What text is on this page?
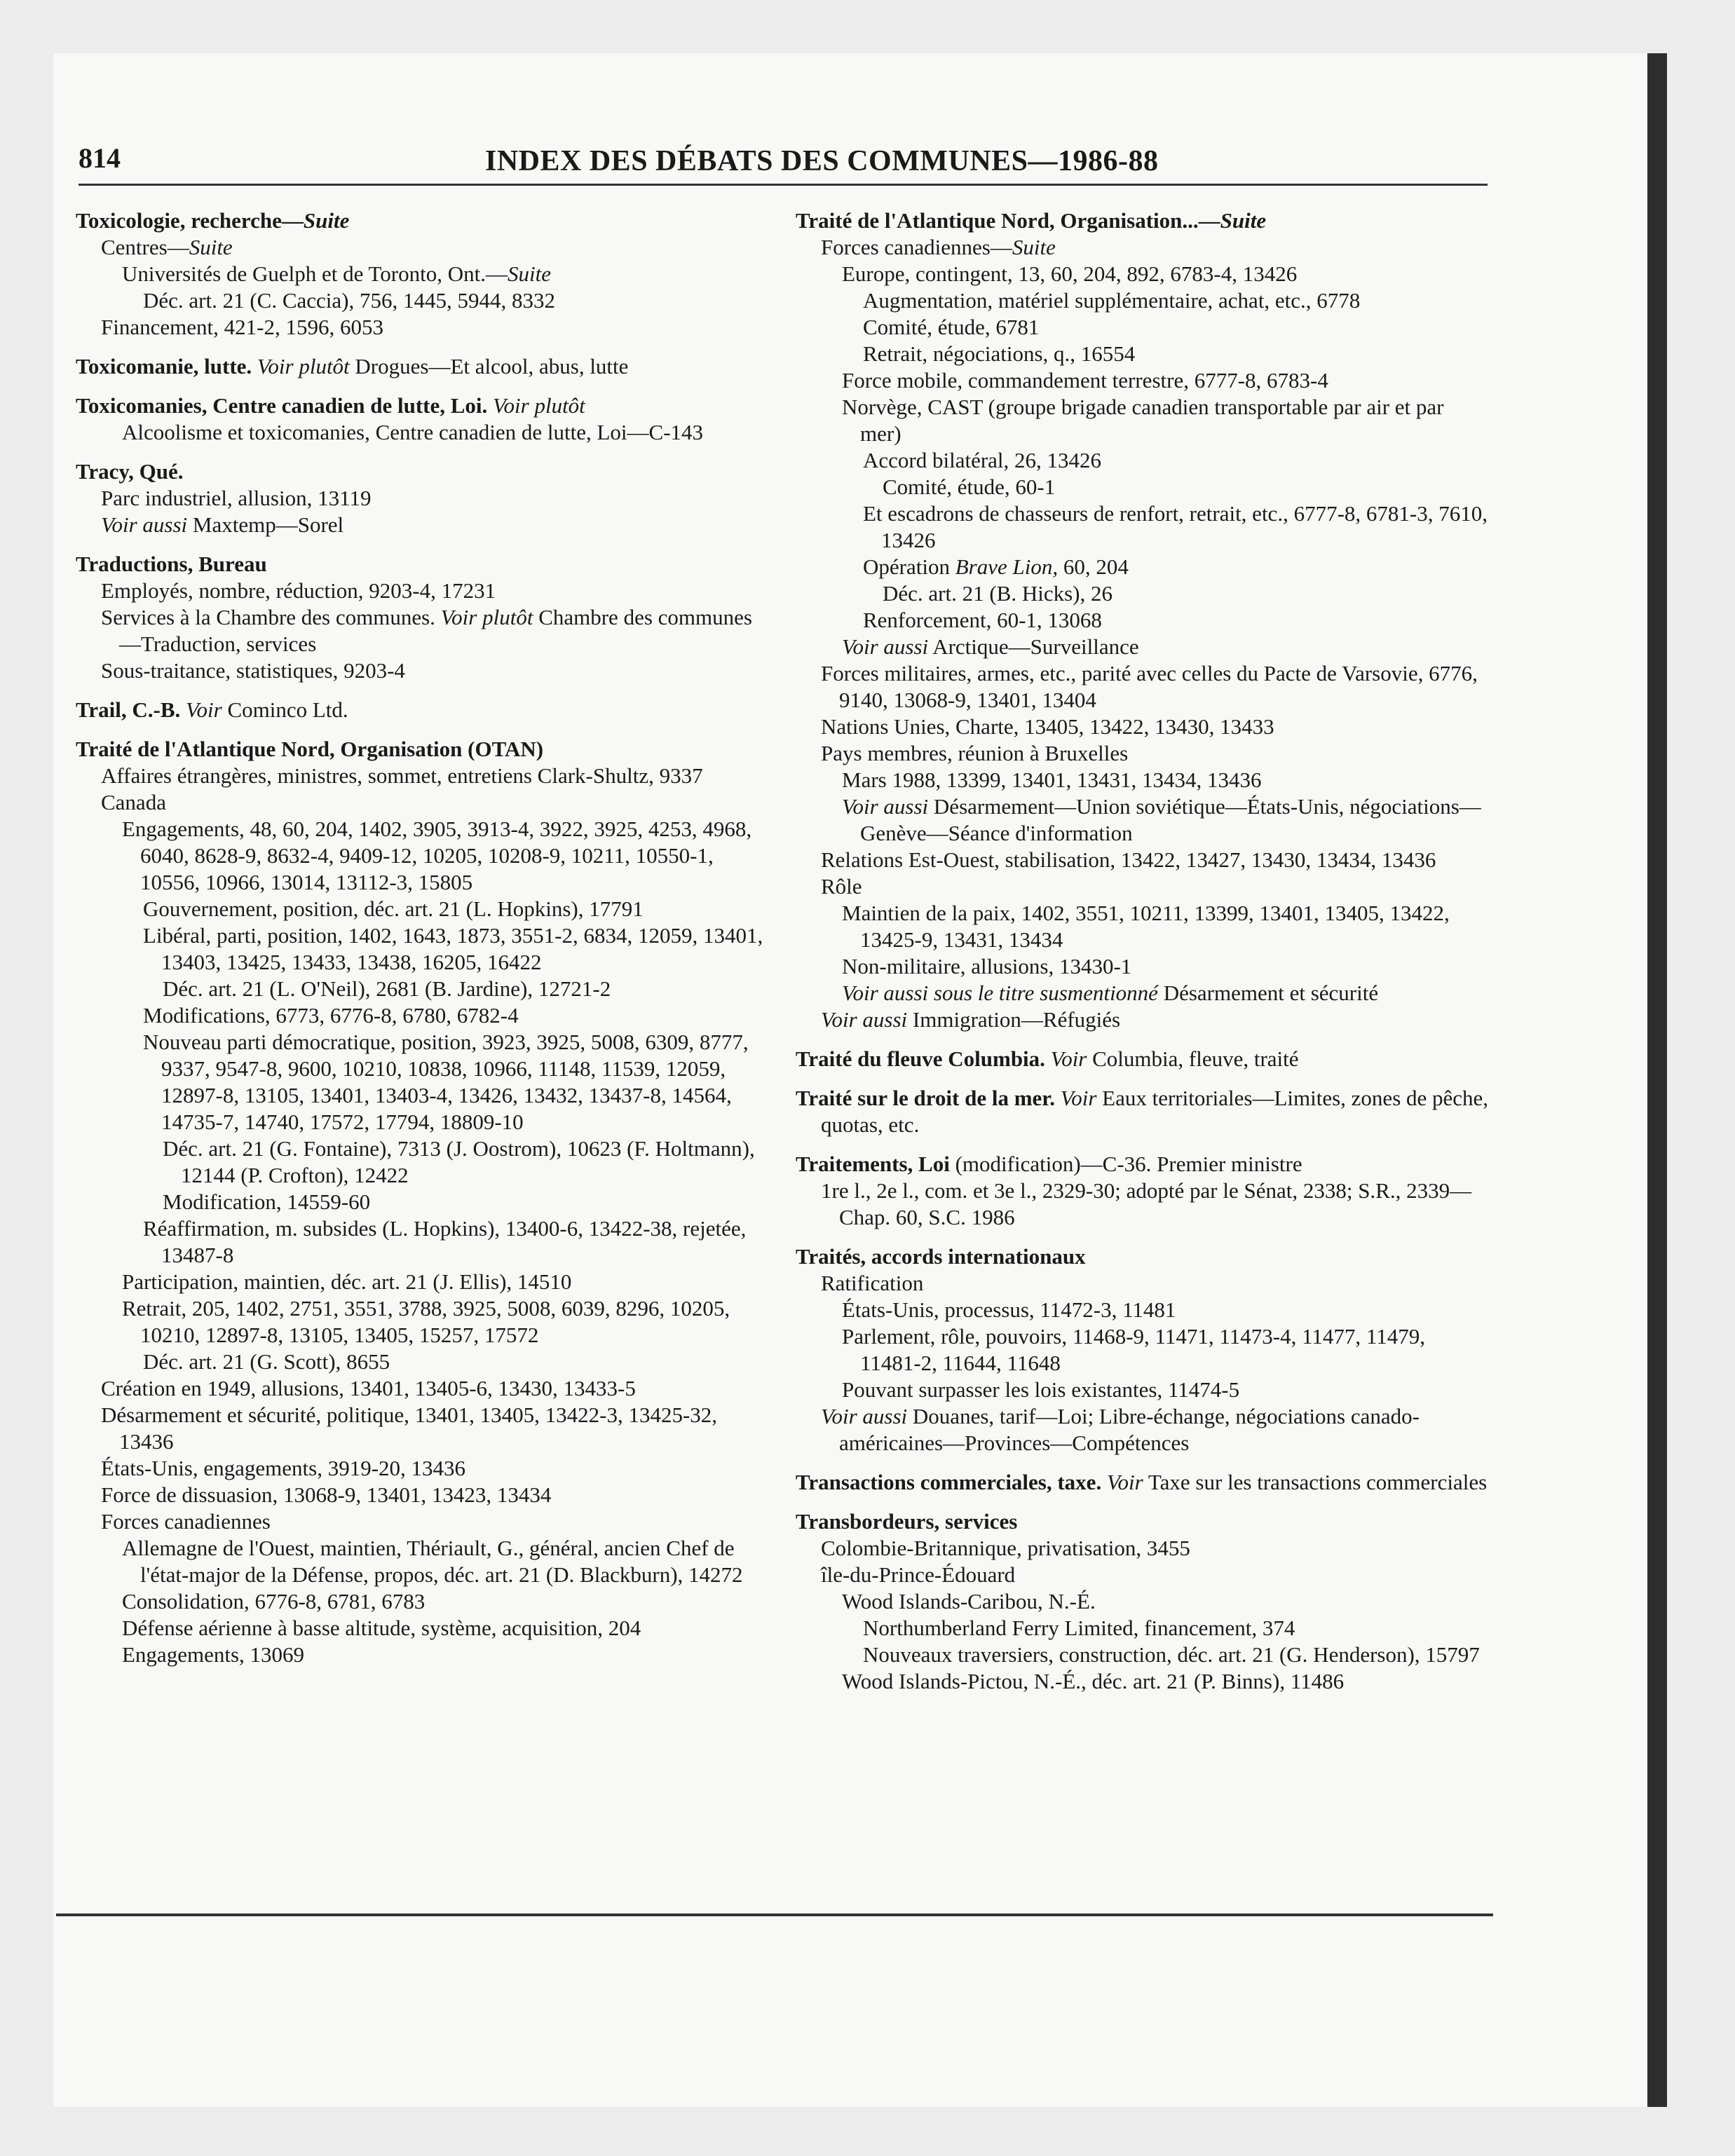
814	INDEX DES DÉBATS DES COMMUNES—1986-88
Toxicologie, recherche—Suite
Centres—Suite
Universités de Guelph et de Toronto, Ont.—Suite
Déc. art. 21 (C. Caccia), 756, 1445, 5944, 8332
Financement, 421-2, 1596, 6053
Toxicomanie, lutte. Voir plutôt Drogues—Et alcool, abus, lutte
Toxicomanies, Centre canadien de lutte, Loi. Voir plutôt
Alcoolisme et toxicomanies, Centre canadien de lutte, Loi—C-143
Tracy, Qué.
Parc industriel, allusion, 13119
Voir aussi Maxtemp—Sorel
Traductions, Bureau
Employés, nombre, réduction, 9203-4, 17231
Services à la Chambre des communes. Voir plutôt Chambre des communes—Traduction, services
Sous-traitance, statistiques, 9203-4
Trail, C.-B. Voir Cominco Ltd.
Traité de l'Atlantique Nord, Organisation (OTAN)
Affaires étrangères, ministres, sommet, entretiens Clark-Shultz, 9337
Canada
Engagements, 48, 60, 204, 1402, 3905, 3913-4, 3922, 3925, 4253, 4968, 6040, 8628-9, 8632-4, 9409-12, 10205, 10208-9, 10211, 10550-1, 10556, 10966, 13014, 13112-3, 15805
Gouvernement, position, déc. art. 21 (L. Hopkins), 17791
Libéral, parti, position, 1402, 1643, 1873, 3551-2, 6834, 12059, 13401, 13403, 13425, 13433, 13438, 16205, 16422
Déc. art. 21 (L. O'Neil), 2681 (B. Jardine), 12721-2
Modifications, 6773, 6776-8, 6780, 6782-4
Nouveau parti démocratique, position, 3923, 3925, 5008, 6309, 8777, 9337, 9547-8, 9600, 10210, 10838, 10966, 11148, 11539, 12059, 12897-8, 13105, 13401, 13403-4, 13426, 13432, 13437-8, 14564, 14735-7, 14740, 17572, 17794, 18809-10
Déc. art. 21 (G. Fontaine), 7313 (J. Oostrom), 10623 (F. Holtmann), 12144 (P. Crofton), 12422
Modification, 14559-60
Réaffirmation, m. subsides (L. Hopkins), 13400-6, 13422-38, rejetée, 13487-8
Participation, maintien, déc. art. 21 (J. Ellis), 14510
Retrait, 205, 1402, 2751, 3551, 3788, 3925, 5008, 6039, 8296, 10205, 10210, 12897-8, 13105, 13405, 15257, 17572
Déc. art. 21 (G. Scott), 8655
Création en 1949, allusions, 13401, 13405-6, 13430, 13433-5
Désarmement et sécurité, politique, 13401, 13405, 13422-3, 13425-32, 13436
États-Unis, engagements, 3919-20, 13436
Force de dissuasion, 13068-9, 13401, 13423, 13434
Forces canadiennes
Allemagne de l'Ouest, maintien, Thériault, G., général, ancien Chef de l'état-major de la Défense, propos, déc. art. 21 (D. Blackburn), 14272
Consolidation, 6776-8, 6781, 6783
Défense aérienne à basse altitude, système, acquisition, 204
Engagements, 13069
Traité de l'Atlantique Nord, Organisation...—Suite
Forces canadiennes—Suite
Europe, contingent, 13, 60, 204, 892, 6783-4, 13426
Augmentation, matériel supplémentaire, achat, etc., 6778
Comité, étude, 6781
Retrait, négociations, q., 16554
Force mobile, commandement terrestre, 6777-8, 6783-4
Norvège, CAST (groupe brigade canadien transportable par air et par mer)
Accord bilatéral, 26, 13426
Comité, étude, 60-1
Et escadrons de chasseurs de renfort, retrait, etc., 6777-8, 6781-3, 7610, 13426
Opération Brave Lion, 60, 204
Déc. art. 21 (B. Hicks), 26
Renforcement, 60-1, 13068
Voir aussi Arctique—Surveillance
Forces militaires, armes, etc., parité avec celles du Pacte de Varsovie, 6776, 9140, 13068-9, 13401, 13404
Nations Unies, Charte, 13405, 13422, 13430, 13433
Pays membres, réunion à Bruxelles
Mars 1988, 13399, 13401, 13431, 13434, 13436
Voir aussi Désarmement—Union soviétique—États-Unis, négociations—Genève—Séance d'information
Relations Est-Ouest, stabilisation, 13422, 13427, 13430, 13434, 13436
Rôle
Maintien de la paix, 1402, 3551, 10211, 13399, 13401, 13405, 13422, 13425-9, 13431, 13434
Non-militaire, allusions, 13430-1
Voir aussi sous le titre susmentionné Désarmement et sécurité
Voir aussi Immigration—Réfugiés
Traité du fleuve Columbia. Voir Columbia, fleuve, traité
Traité sur le droit de la mer. Voir Eaux territoriales—Limites, zones de pêche, quotas, etc.
Traitements, Loi (modification)—C-36. Premier ministre
1re l., 2e l., com. et 3e l., 2329-30; adopté par le Sénat, 2338; S.R., 2339—Chap. 60, S.C. 1986
Traités, accords internationaux
Ratification
États-Unis, processus, 11472-3, 11481
Parlement, rôle, pouvoirs, 11468-9, 11471, 11473-4, 11477, 11479, 11481-2, 11644, 11648
Pouvant surpasser les lois existantes, 11474-5
Voir aussi Douanes, tarif—Loi; Libre-échange, négociations canado-américaines—Provinces—Compétences
Transactions commerciales, taxe. Voir Taxe sur les transactions commerciales
Transbordeurs, services
Colombie-Britannique, privatisation, 3455
île-du-Prince-Édouard
Wood Islands-Caribou, N.-É.
Northumberland Ferry Limited, financement, 374
Nouveaux traversiers, construction, déc. art. 21 (G. Henderson), 15797
Wood Islands-Pictou, N.-É., déc. art. 21 (P. Binns), 11486
